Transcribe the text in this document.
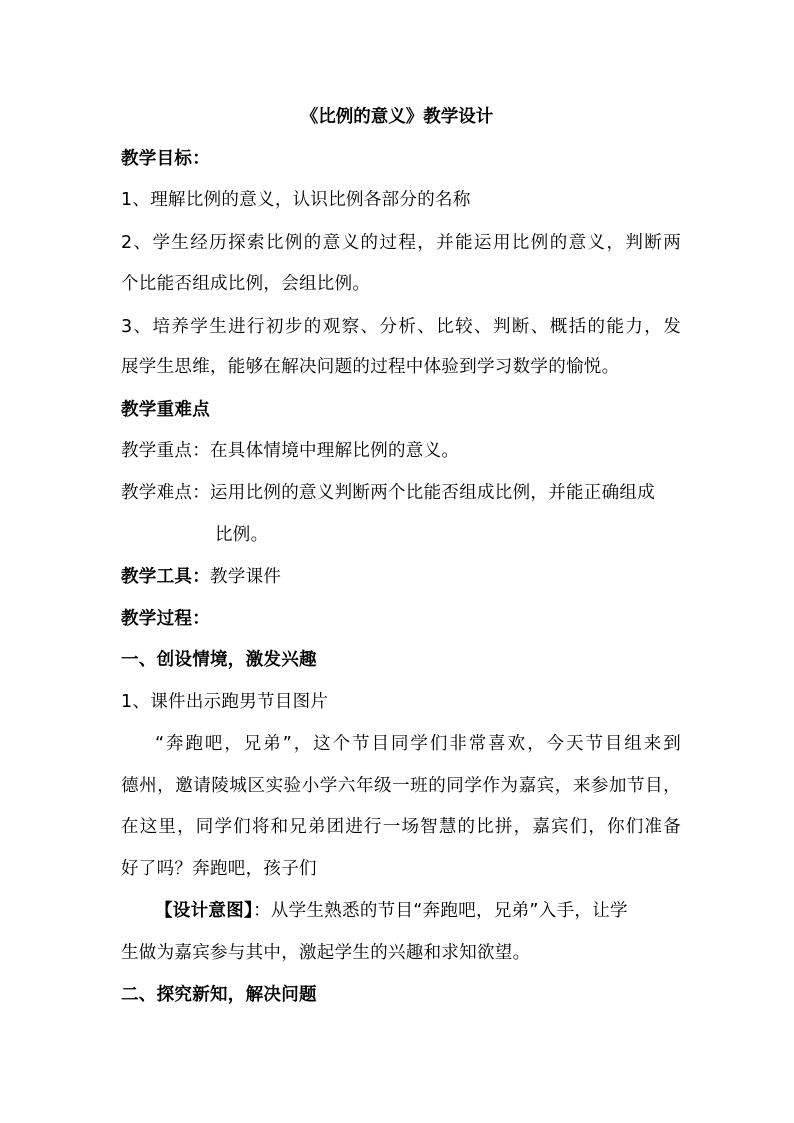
《比例的意义》教学设计
教学目标：
1、理解比例的意义，认识比例各部分的名称
2、学生经历探索比例的意义的过程，并能运用比例的意义，判断两
个比能否组成比例，会组比例。
3、培养学生进行初步的观察、分析、比较、判断、概括的能力，发
展学生思维，能够在解决问题的过程中体验到学习数学的愉悦。
教学重难点
教学重点：在具体情境中理解比例的意义。
教学难点：运用比例的意义判断两个比能否组成比例，并能正确组成
比例。
教学工具：教学课件
教学过程：
一、创设情境，激发兴趣
1、课件出示跑男节目图片
“奔跑吧，兄弟”，这个节目同学们非常喜欢，今天节目组来到
德州，邀请陵城区实验小学六年级一班的同学作为嘉宾，来参加节目，
在这里，同学们将和兄弟团进行一场智慧的比拼，嘉宾们，你们准备
好了吗？奔跑吧，孩子们
【设计意图】：从学生熟悉的节目“奔跑吧，兄弟”入手，让学
生做为嘉宾参与其中，激起学生的兴趣和求知欲望。
二、探究新知，解决问题
